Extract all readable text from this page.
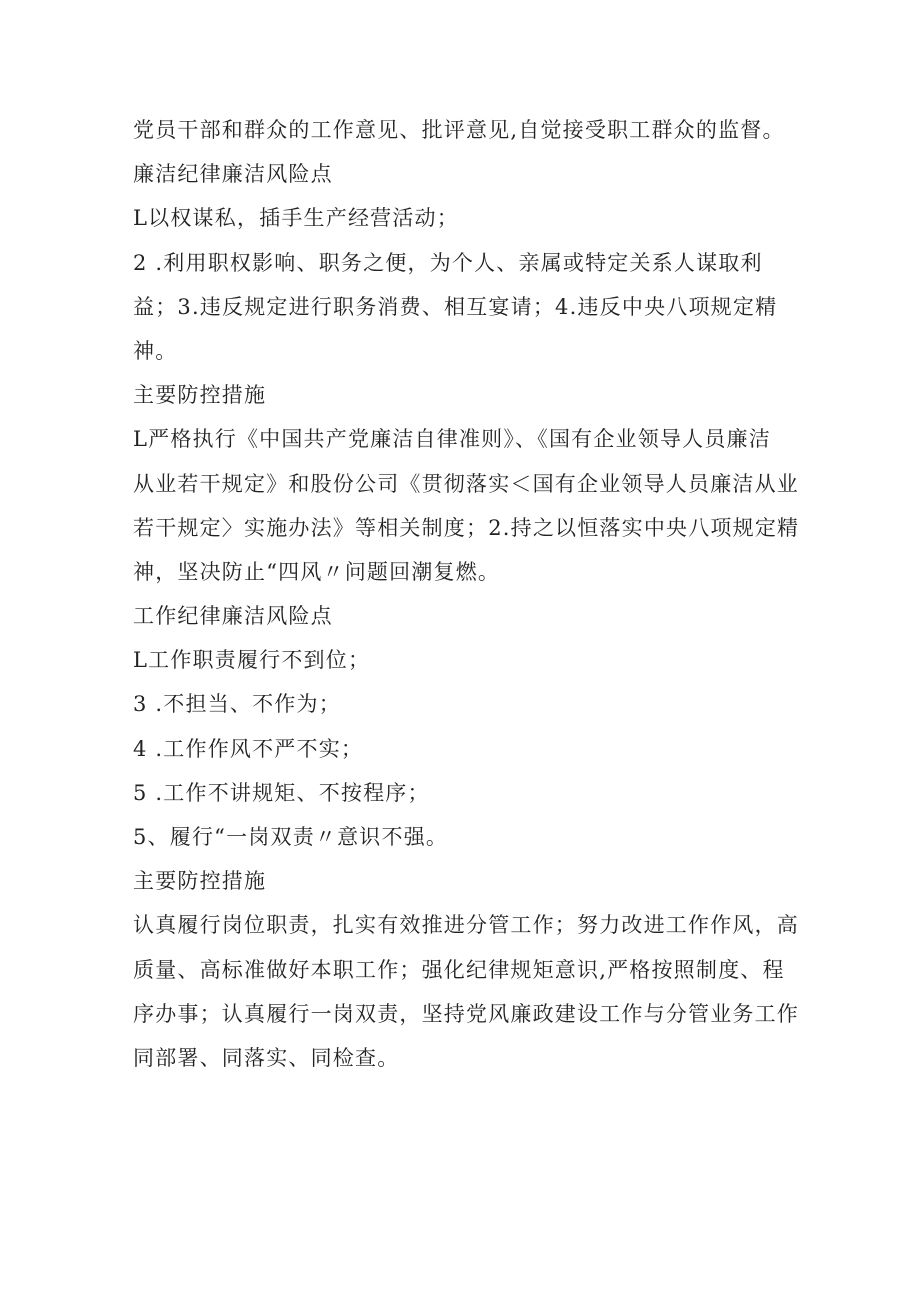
党员干部和群众的工作意见、批评意见,自觉接受职工群众的监督。
廉洁纪律廉洁风险点
L以权谋私，插手生产经营活动；
2 .利用职权影响、职务之便，为个人、亲属或特定关系人谋取利
益；3.违反规定进行职务消费、相互宴请；4.违反中央八项规定精
神。
主要防控措施
L严格执行《中国共产党廉洁自律准则》、《国有企业领导人员廉洁
从业若干规定》和股份公司《贯彻落实＜国有企业领导人员廉洁从业
若干规定〉实施办法》等相关制度；2.持之以恒落实中央八项规定精
神，坚决防止“四风〃问题回潮复燃。
工作纪律廉洁风险点
L工作职责履行不到位；
3 .不担当、不作为；
4 .工作作风不严不实；
5 .工作不讲规矩、不按程序；
5、履行“一岗双责〃意识不强。
主要防控措施
认真履行岗位职责，扎实有效推进分管工作；努力改进工作作风，高
质量、高标准做好本职工作；强化纪律规矩意识,严格按照制度、程
序办事；认真履行一岗双责，坚持党风廉政建设工作与分管业务工作
同部署、同落实、同检查。
